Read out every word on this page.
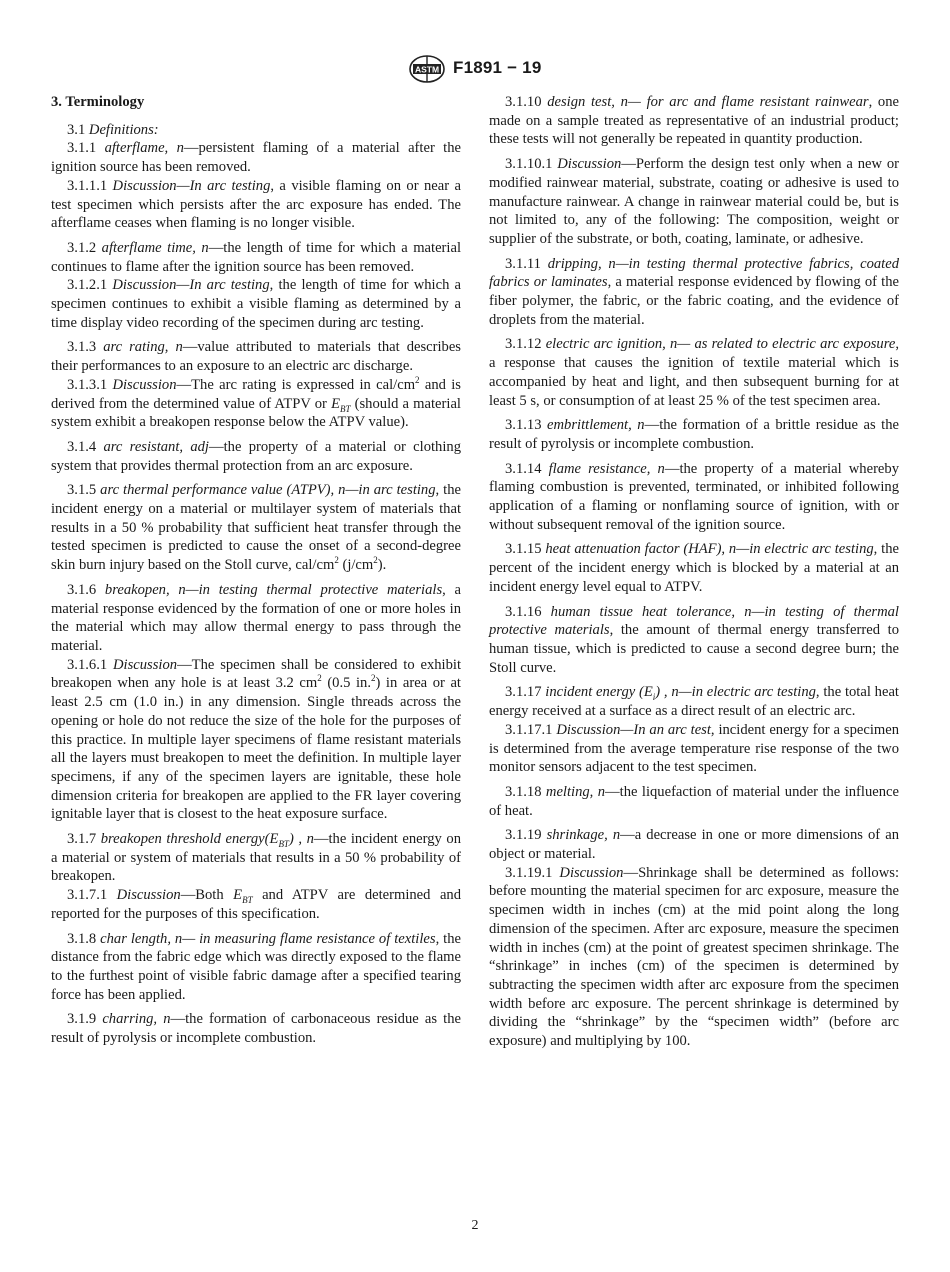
ASTM F1891 − 19
3. Terminology

3.1 Definitions:

3.1.1 afterflame, n—persistent flaming of a material after the ignition source has been removed.

3.1.1.1 Discussion—In arc testing, a visible flaming on or near a test specimen which persists after the arc exposure has ended. The afterflame ceases when flaming is no longer visible.

3.1.2 afterflame time, n—the length of time for which a material continues to flame after the ignition source has been removed.

3.1.2.1 Discussion—In arc testing, the length of time for which a specimen continues to exhibit a visible flaming as determined by a time display video recording of the specimen during arc testing.

3.1.3 arc rating, n—value attributed to materials that describes their performances to an exposure to an electric arc discharge.

3.1.3.1 Discussion—The arc rating is expressed in cal/$cm^2$ and is derived from the determined value of ATPV or $E_{BT}$ (should a material system exhibit a breakopen response below the ATPV value).

3.1.4 arc resistant, adj—the property of a material or clothing system that provides thermal protection from an arc exposure.

3.1.5 arc thermal performance value (ATPV), n—in arc testing, the incident energy on a material or multilayer system of materials that results in a 50 % probability that sufficient heat transfer through the tested specimen is predicted to cause the onset of a second-degree skin burn injury based on the Stoll curve, cal/$cm^2$ $(j/cm^2)$.

3.1.6 breakopen, n—in testing thermal protective materials, a material response evidenced by the formation of one or more holes in the material which may allow thermal energy to pass through the material.

3.1.6.1 Discussion—The specimen shall be considered to exhibit breakopen when any hole is at least 3.2 $cm^2$ (0.5 in.$^2$) in area or at least 2.5 cm (1.0 in.) in any dimension. Single threads across the opening or hole do not reduce the size of the hole for the purposes of this practice. In multiple layer specimens of flame resistant materials all the layers must breakopen to meet the definition. In multiple layer specimens, if any of the specimen layers are ignitable, these hole dimension criteria for breakopen are applied to the FR layer covering ignitable layer that is closest to the heat exposure surface.

3.1.7 breakopen threshold $energy(E_{BT})$ , n—the incident energy on a material or system of materials that results in a 50 % probability of breakopen.

3.1.7.1 Discussion—Both $E_{BT}$ and ATPV are determined and reported for the purposes of this specification.

3.1.8 char length, n— in measuring flame resistance of textiles, the distance from the fabric edge which was directly exposed to the flame to the furthest point of visible fabric damage after a specified tearing force has been applied.

3.1.9 charring, n—the formation of carbonaceous residue as the result of pyrolysis or incomplete combustion.

3.1.10 design test, n— for arc and flame resistant rainwear, one made on a sample treated as representative of an industrial product; these tests will not generally be repeated in quantity production.

3.1.10.1 Discussion—Perform the design test only when a new or modified rainwear material, substrate, coating or adhesive is used to manufacture rainwear. A change in rainwear material could be, but is not limited to, any of the following: The composition, weight or supplier of the substrate, or both, coating, laminate, or adhesive.

3.1.11 dripping, n—in testing thermal protective fabrics, coated fabrics or laminates, a material response evidenced by flowing of the fiber polymer, the fabric, or the fabric coating, and the evidence of droplets from the material.

3.1.12 electric arc ignition, n— as related to electric arc exposure, a response that causes the ignition of textile material which is accompanied by heat and light, and then subsequent burning for at least 5 s, or consumption of at least 25 % of the test specimen area.

3.1.13 embrittlement, n—the formation of a brittle residue as the result of pyrolysis or incomplete combustion.

3.1.14 flame resistance, n—the property of a material whereby flaming combustion is prevented, terminated, or inhibited following application of a flaming or nonflaming source of ignition, with or without subsequent removal of the ignition source.

3.1.15 heat attenuation factor (HAF), n—in electric arc testing, the percent of the incident energy which is blocked by a material at an incident energy level equal to ATPV.

3.1.16 human tissue heat tolerance, n—in testing of thermal protective materials, the amount of thermal energy transferred to human tissue, which is predicted to cause a second degree burn; the Stoll curve.

3.1.17 incident energy $(E_i)$ , n—in electric arc testing, the total heat energy received at a surface as a direct result of an electric arc.

3.1.17.1 Discussion—In an arc test, incident energy for a specimen is determined from the average temperature rise response of the two monitor sensors adjacent to the test specimen.

3.1.18 melting, n—the liquefaction of material under the influence of heat.

3.1.19 shrinkage, n—a decrease in one or more dimensions of an object or material.

3.1.19.1 Discussion—Shrinkage shall be determined as follows: before mounting the material specimen for arc exposure, measure the specimen width in inches (cm) at the mid point along the long dimension of the specimen. After arc exposure, measure the specimen width in inches (cm) at the point of greatest specimen shrinkage. The “shrinkage” in inches (cm) of the specimen is determined by subtracting the specimen width after arc exposure from the specimen width before arc exposure. The percent shrinkage is determined by dividing the “shrinkage” by the “specimen width” (before arc exposure) and multiplying by 100.

2
